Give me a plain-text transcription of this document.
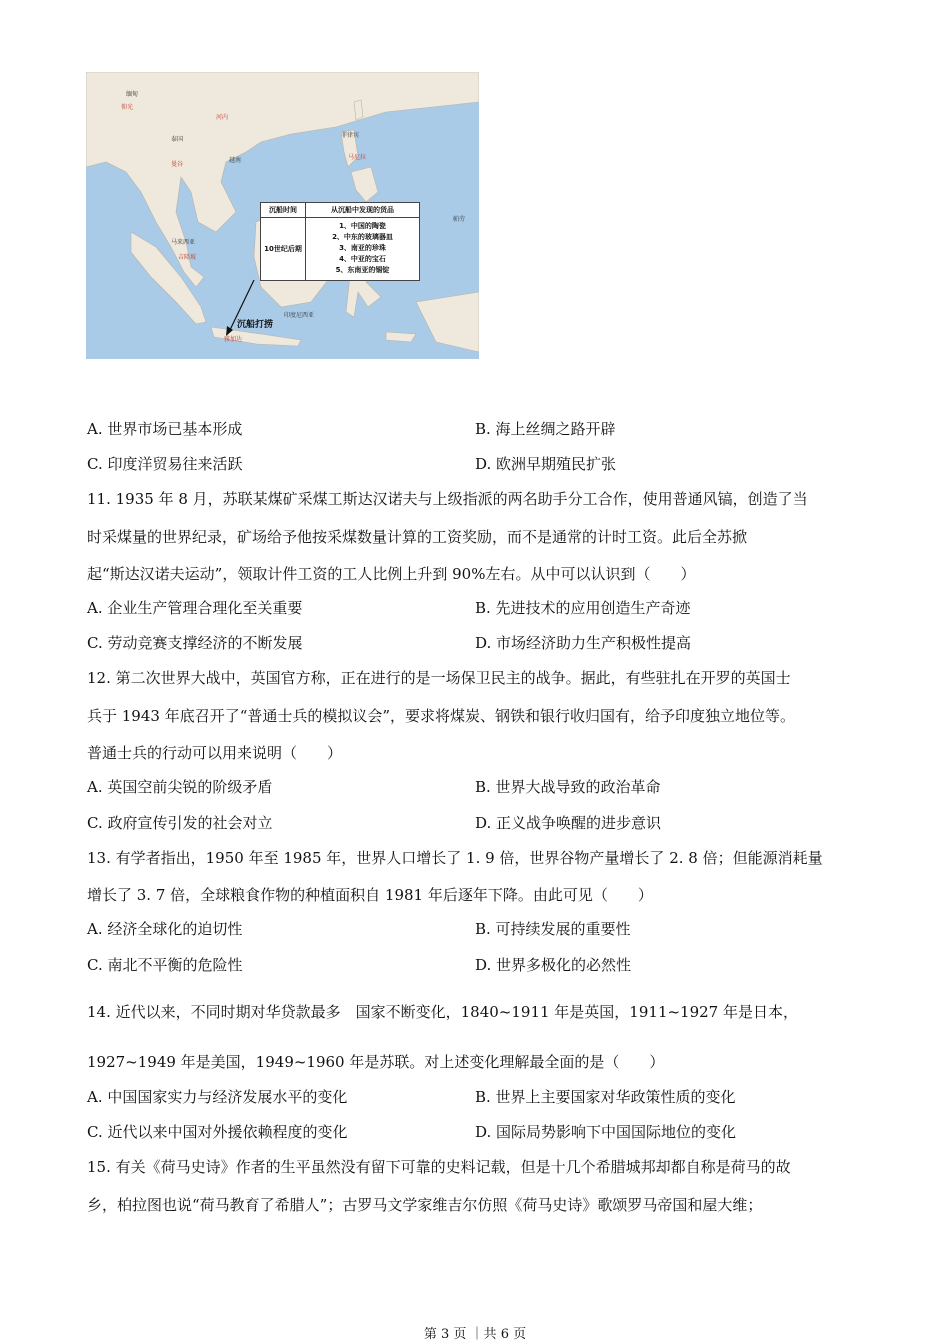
缅甸
仰光
泰国
曼谷
越南
河内
菲律宾
马尼拉
帕劳
马来西亚
吉隆坡
印度尼西亚
雅加达
沉船时间	从沉船中发现的货品
10世纪后期
1、中国的陶瓷
2、中东的玻璃器皿
3、南亚的珍珠
4、中亚的宝石
5、东南亚的锡锭
沉船打捞
A. 世界市场已基本形成	B. 海上丝绸之路开辟
C. 印度洋贸易往来活跃	D. 欧洲早期殖民扩张
11. 1935 年 8 月，苏联某煤矿采煤工斯达汉诺夫与上级指派的两名助手分工合作，使用普通风镐，创造了当
时采煤量的世界纪录，矿场给予他按采煤数量计算的工资奖励，而不是通常的计时工资。此后全苏掀
起“斯达汉诺夫运动”，领取计件工资的工人比例上升到 90%左右。从中可以认识到（　　）
A. 企业生产管理合理化至关重要	B. 先进技术的应用创造生产奇迹
C. 劳动竞赛支撑经济的不断发展	D. 市场经济助力生产积极性提高
12. 第二次世界大战中，英国官方称，正在进行的是一场保卫民主的战争。据此，有些驻扎在开罗的英国士
兵于 1943 年底召开了“普通士兵的模拟议会”，要求将煤炭、钢铁和银行收归国有，给予印度独立地位等。
普通士兵的行动可以用来说明（　　）
A. 英国空前尖锐的阶级矛盾	B. 世界大战导致的政治革命
C. 政府宣传引发的社会对立	D. 正义战争唤醒的进步意识
13. 有学者指出，1950 年至 1985 年，世界人口增长了 1. 9 倍，世界谷物产量增长了 2. 8 倍；但能源消耗量
增长了 3. 7 倍，全球粮食作物的种植面积自 1981 年后逐年下降。由此可见（　　）
A. 经济全球化的迫切性	B. 可持续发展的重要性
C. 南北不平衡的危险性	D. 世界多极化的必然性
14. 近代以来，不同时期对华贷款最多　国家不断变化，1840~1911 年是英国，1911~1927 年是日本，
1927~1949 年是美国，1949~1960 年是苏联。对上述变化理解最全面的是（　　）
A. 中国国家实力与经济发展水平的变化	B. 世界上主要国家对华政策性质的变化
C. 近代以来中国对外援依赖程度的变化	D. 国际局势影响下中国国际地位的变化
15. 有关《荷马史诗》作者的生平虽然没有留下可靠的史料记载，但是十几个希腊城邦却都自称是荷马的故
乡，柏拉图也说“荷马教育了希腊人”；古罗马文学家维吉尔仿照《荷马史诗》歌颂罗马帝国和屋大维；
第 3 页 ｜共 6 页
